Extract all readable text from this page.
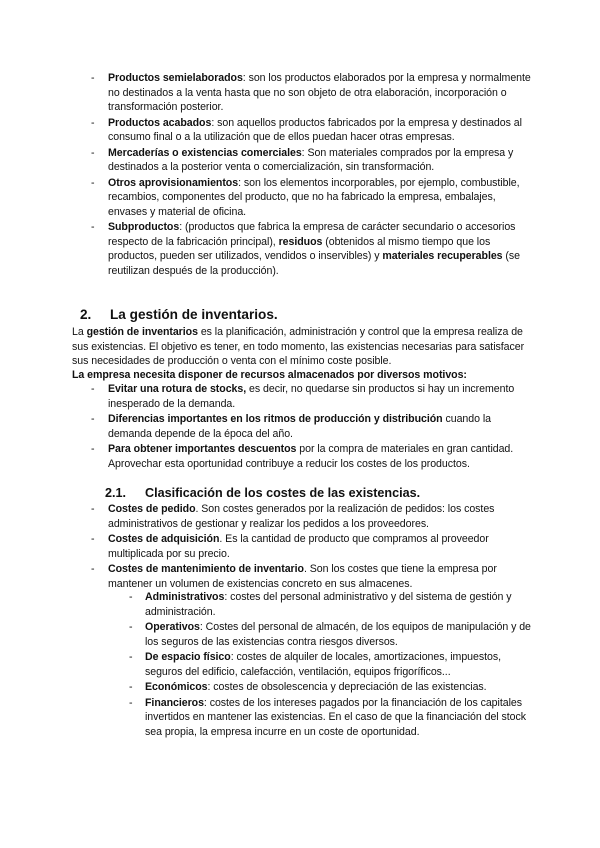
- Productos semielaborados: son los productos elaborados por la empresa y normalmente no destinados a la venta hasta que no son objeto de otra elaboración, incorporación o transformación posterior.
- Productos acabados: son aquellos productos fabricados por la empresa y destinados al consumo final o a la utilización que de ellos puedan hacer otras empresas.
- Mercaderías o existencias comerciales: Son materiales comprados por la empresa y destinados a la posterior venta o comercialización, sin transformación.
- Otros aprovisionamientos: son los elementos incorporables, por ejemplo, combustible, recambios, componentes del producto, que no ha fabricado la empresa, embalajes, envases y material de oficina.
- Subproductos: (productos que fabrica la empresa de carácter secundario o accesorios respecto de la fabricación principal), residuos (obtenidos al mismo tiempo que los productos, pueden ser utilizados, vendidos o inservibles) y materiales recuperables (se reutilizan después de la producción).
2. La gestión de inventarios.
La gestión de inventarios es la planificación, administración y control que la empresa realiza de sus existencias. El objetivo es tener, en todo momento, las existencias necesarias para satisfacer sus necesidades de producción o venta con el mínimo coste posible.
La empresa necesita disponer de recursos almacenados por diversos motivos:
- Evitar una rotura de stocks, es decir, no quedarse sin productos si hay un incremento inesperado de la demanda.
- Diferencias importantes en los ritmos de producción y distribución cuando la demanda depende de la época del año.
- Para obtener importantes descuentos por la compra de materiales en gran cantidad. Aprovechar esta oportunidad contribuye a reducir los costes de los productos.
2.1. Clasificación de los costes de las existencias.
- Costes de pedido. Son costes generados por la realización de pedidos: los costes administrativos de gestionar y realizar los pedidos a los proveedores.
- Costes de adquisición. Es la cantidad de producto que compramos al proveedor multiplicada por su precio.
- Costes de mantenimiento de inventario. Son los costes que tiene la empresa por mantener un volumen de existencias concreto en sus almacenes.
- Administrativos: costes del personal administrativo y del sistema de gestión y administración.
- Operativos: Costes del personal de almacén, de los equipos de manipulación y de los seguros de las existencias contra riesgos diversos.
- De espacio físico: costes de alquiler de locales, amortizaciones, impuestos, seguros del edificio, calefacción, ventilación, equipos frigoríficos...
- Económicos: costes de obsolescencia y depreciación de las existencias.
- Financieros: costes de los intereses pagados por la financiación de los capitales invertidos en mantener las existencias. En el caso de que la financiación del stock sea propia, la empresa incurre en un coste de oportunidad.
